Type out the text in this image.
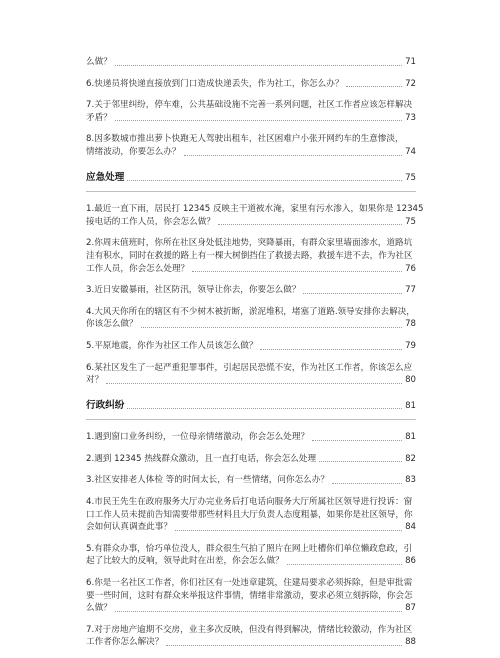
么做？	71
6.快递员将快递直接放到门口造成快递丢失，作为社工，你怎么办？	72
7.关于邻里纠纷，停车难，公共基础设施不完善一系列问题，社区工作者应该怎样解决
矛盾？	73
8.因多数城市推出萝卜快跑无人驾驶出租车，社区困难户小张开网约车的生意惨淡，
情绪波动，你要怎么办？	74
应急处理	75
1.最近一直下雨，居民打 12345 反映主干道被水淹，家里有污水渗入，如果你是 12345
接电话的工作人员，你会怎么做？	75
2.你周末值班时，你所在社区身处低洼地势，突降暴雨，有群众家里墙面渗水，道路坑
洼有积水，同时在救援的路上有一棵大树倒挡住了救援去路，救援车进不去，作为社区
工作人员，你会怎么处理？	76
3.近日安徽暴雨，社区防汛，领导让你去，你要怎么做？	77
4.大风天你所在的辖区有不少树木被折断，淤泥堆积，堵塞了道路.领导安排你去解决，
你该怎么做？	78
5.平原地震，你作为社区工作人员该怎么做？	79
6.某社区发生了一起严重犯罪事件，引起居民恐慌不安，作为社区工作者，你该怎么应
对？	80
行政纠纷	81
1.遇到窗口业务纠纷，一位母亲情绪激动，你会怎么处理？	81
2.遇到 12345 热线群众激动，且一直打电话，你会怎么处理	82
3.社区安排老人体检 等的时间太长，有一些情绪，问你怎么办？	83
4.市民王先生在政府服务大厅办完业务后打电话向服务大厅所属社区领导进行投诉：窗
口工作人员未提前告知需要带那些材料且大厅负责人态度粗暴，如果你是社区领导，你
会如何认真调查此事？	84
5.有群众办事，恰巧单位没人，群众很生气拍了照片在网上吐槽你们单位懒政怠政，引
起了比较大的反响，领导此时在出差，你会怎么做？	86
6.你是一名社区工作者，你们社区有一处违章建筑，住建局要求必须拆除，但是审批需
要一些时间，这时有群众来举报这件事情，情绪非常激动，要求必须立刻拆除，你会怎
么做？	87
7.对于房地产逾期不交房，业主多次反映，但没有得到解决，情绪比较激动，作为社区
工作者你怎么解决？	88
